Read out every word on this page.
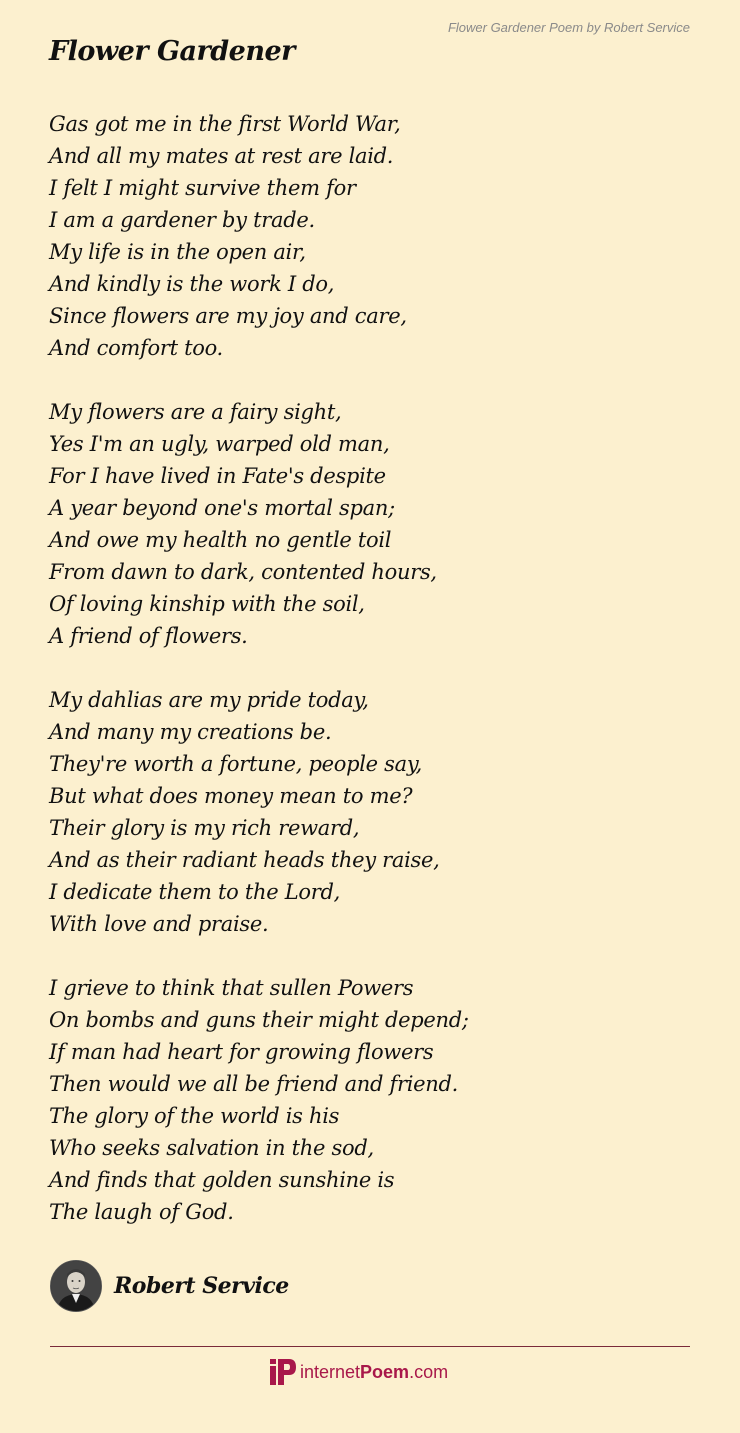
Flower Gardener Poem by Robert Service
Flower Gardener
Gas got me in the first World War,
And all my mates at rest are laid.
I felt I might survive them for
I am a gardener by trade.
My life is in the open air,
And kindly is the work I do,
Since flowers are my joy and care,
And comfort too.
My flowers are a fairy sight,
Yes I'm an ugly, warped old man,
For I have lived in Fate's despite
A year beyond one's mortal span;
And owe my health no gentle toil
From dawn to dark, contented hours,
Of loving kinship with the soil,
A friend of flowers.
My dahlias are my pride today,
And many my creations be.
They're worth a fortune, people say,
But what does money mean to me?
Their glory is my rich reward,
And as their radiant heads they raise,
I dedicate them to the Lord,
With love and praise.
I grieve to think that sullen Powers
On bombs and guns their might depend;
If man had heart for growing flowers
Then would we all be friend and friend.
The glory of the world is his
Who seeks salvation in the sod,
And finds that golden sunshine is
The laugh of God.
Robert Service
internetPoem.com
